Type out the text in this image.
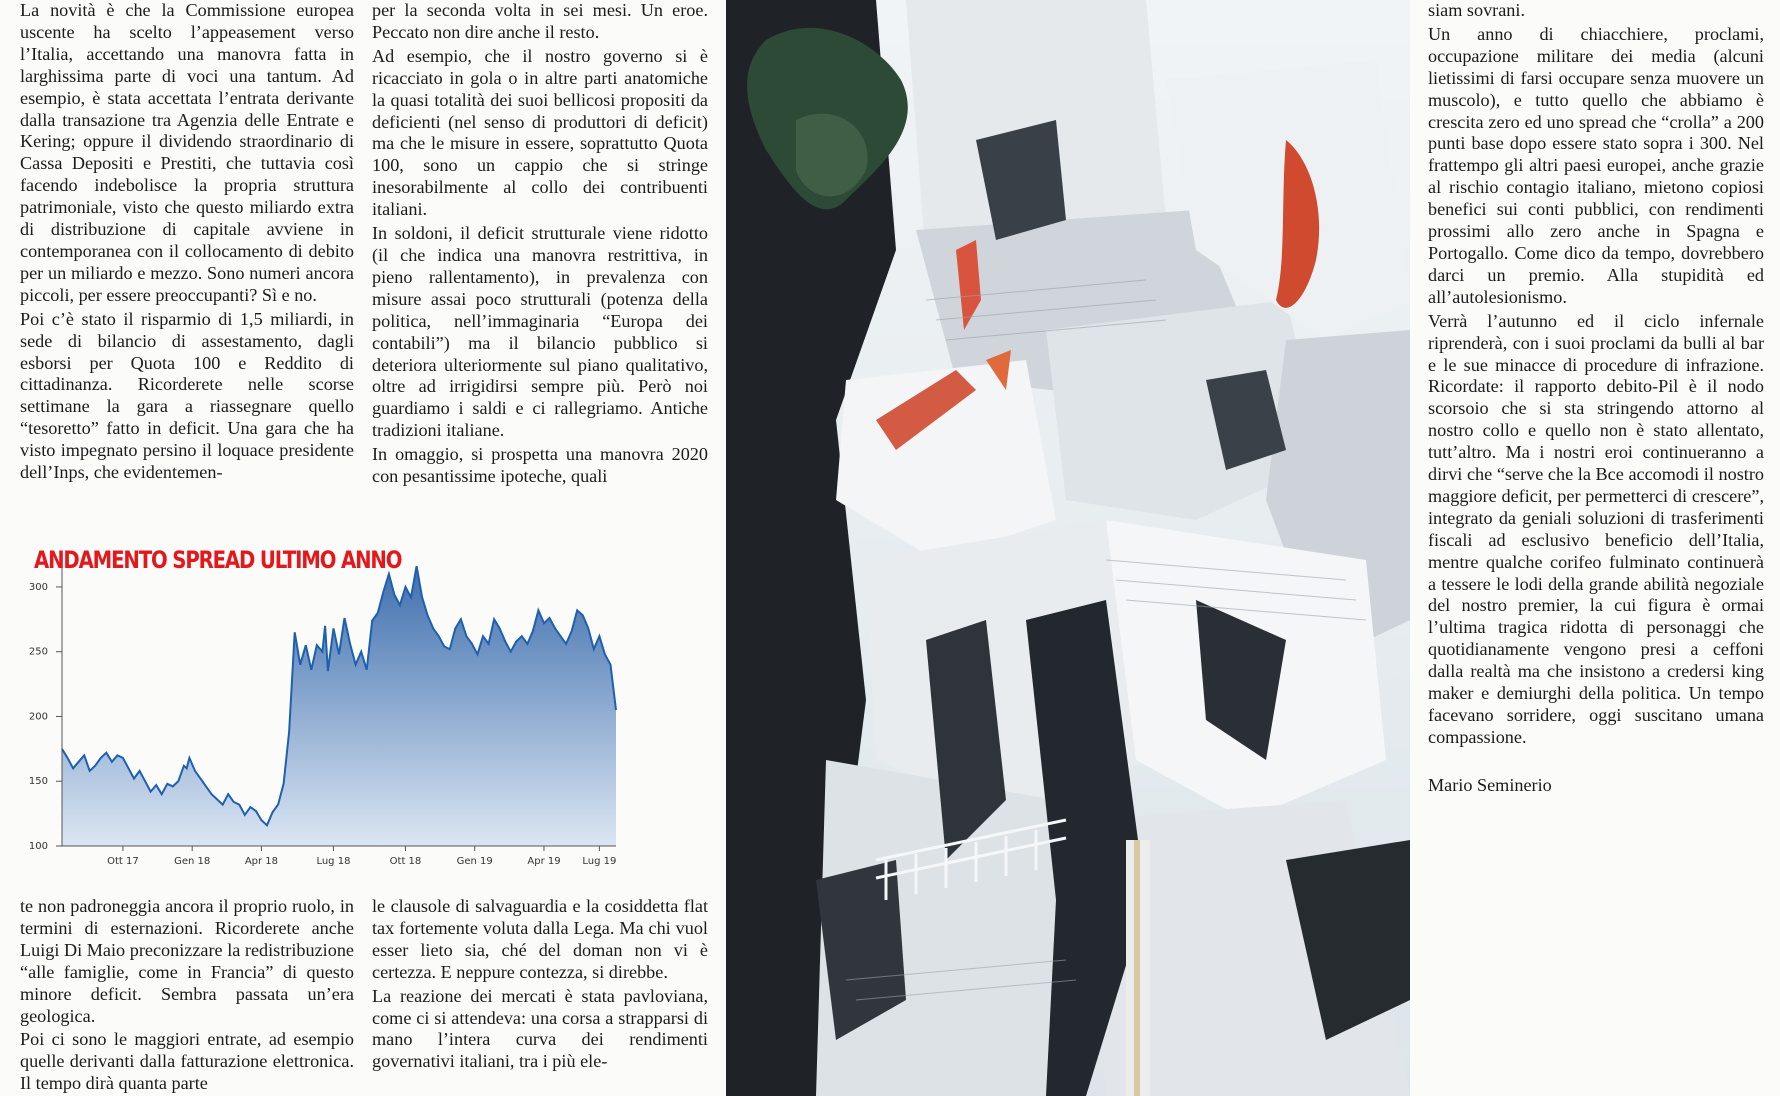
La novità è che la Commissione europea uscente ha scelto l’appeasement verso l’Italia, accettando una manovra fatta in larghissima parte di voci una tantum. Ad esempio, è stata accettata l’entrata derivante dalla transazione tra Agenzia delle Entrate e Kering; oppure il dividendo straordinario di Cassa Depositi e Prestiti, che tuttavia così facendo indebolisce la propria struttura patrimoniale, visto che questo miliardo extra di distribuzione di capitale avviene in contemporanea con il collocamento di debito per un miliardo e mezzo. Sono numeri ancora piccoli, per essere preoccupanti? Sì e no.

Poi c’è stato il risparmio di 1,5 miliardi, in sede di bilancio di assestamento, dagli esborsi per Quota 100 e Reddito di cittadinanza. Ricorderete nelle scorse settimane la gara a riassegnare quello “tesoretto” fatto in deficit. Una gara che ha visto impegnato persino il loquace presidente dell’Inps, che evidentemen-

per la seconda volta in sei mesi. Un eroe. Peccato non dire anche il resto.

Ad esempio, che il nostro governo si è ricacciato in gola o in altre parti anatomiche la quasi totalità dei suoi bellicosi propositi da deficienti (nel senso di produttori di deficit) ma che le misure in essere, soprattutto Quota 100, sono un cappio che si stringe inesorabilmente al collo dei contribuenti italiani.

In soldoni, il deficit strutturale viene ridotto (il che indica una manovra restrittiva, in pieno rallentamento), in prevalenza con misure assai poco strutturali (potenza della politica, nell’immaginaria “Europa dei contabili”) ma il bilancio pubblico si deteriora ulteriormente sul piano qualitativo, oltre ad irrigidirsi sempre più. Però noi guardiamo i saldi e ci rallegriamo. Antiche tradizioni italiane.

In omaggio, si prospetta una manovra 2020 con pesantissime ipoteche, quali

100
150
200
250
300
Ott 17	Gen 18	Apr 18	Lug 18	Ott 18	Gen 19	Apr 19 Lug 19
ANDAMENTO SPREAD ULTIMO ANNO

te non padroneggia ancora il proprio ruolo, in termini di esternazioni. Ricorderete anche Luigi Di Maio preconizzare la redistribuzione “alle famiglie, come in Francia” di questo minore deficit. Sembra passata un’era geologica.

Poi ci sono le maggiori entrate, ad esempio quelle derivanti dalla fatturazione elettronica. Il tempo dirà quanta parte

le clausole di salvaguardia e la cosiddetta flat tax fortemente voluta dalla Lega. Ma chi vuol esser lieto sia, ché del doman non vi è certezza. E neppure contezza, si direbbe.

La reazione dei mercati è stata pavloviana, come ci si attendeva: una corsa a strapparsi di mano l’intera curva dei rendimenti governativi italiani, tra i più ele-

siam sovrani.

Un anno di chiacchiere, proclami, occupazione militare dei media (alcuni lietissimi di farsi occupare senza muovere un muscolo), e tutto quello che abbiamo è crescita zero ed uno spread che “crolla” a 200 punti base dopo essere stato sopra i 300. Nel frattempo gli altri paesi europei, anche grazie al rischio contagio italiano, mietono copiosi benefici sui conti pubblici, con rendimenti prossimi allo zero anche in Spagna e Portogallo. Come dico da tempo, dovrebbero darci un premio. Alla stupidità ed all’autolesionismo.

Verrà l’autunno ed il ciclo infernale riprenderà, con i suoi proclami da bulli al bar e le sue minacce di procedure di infrazione. Ricordate: il rapporto debito-Pil è il nodo scorsoio che si sta stringendo attorno al nostro collo e quello non è stato allentato, tutt’altro. Ma i nostri eroi continueranno a dirvi che “serve che la Bce accomodi il nostro maggiore deficit, per permetterci di crescere”, integrato da geniali soluzioni di trasferimenti fiscali ad esclusivo beneficio dell’Italia, mentre qualche corifeo fulminato continuerà a tessere le lodi della grande abilità negoziale del nostro premier, la cui figura è ormai l’ultima tragica ridotta di personaggi che quotidianamente vengono presi a ceffoni dalla realtà ma che insistono a credersi king maker e demiurghi della politica. Un tempo facevano sorridere, oggi suscitano umana compassione.

Mario Seminerio
